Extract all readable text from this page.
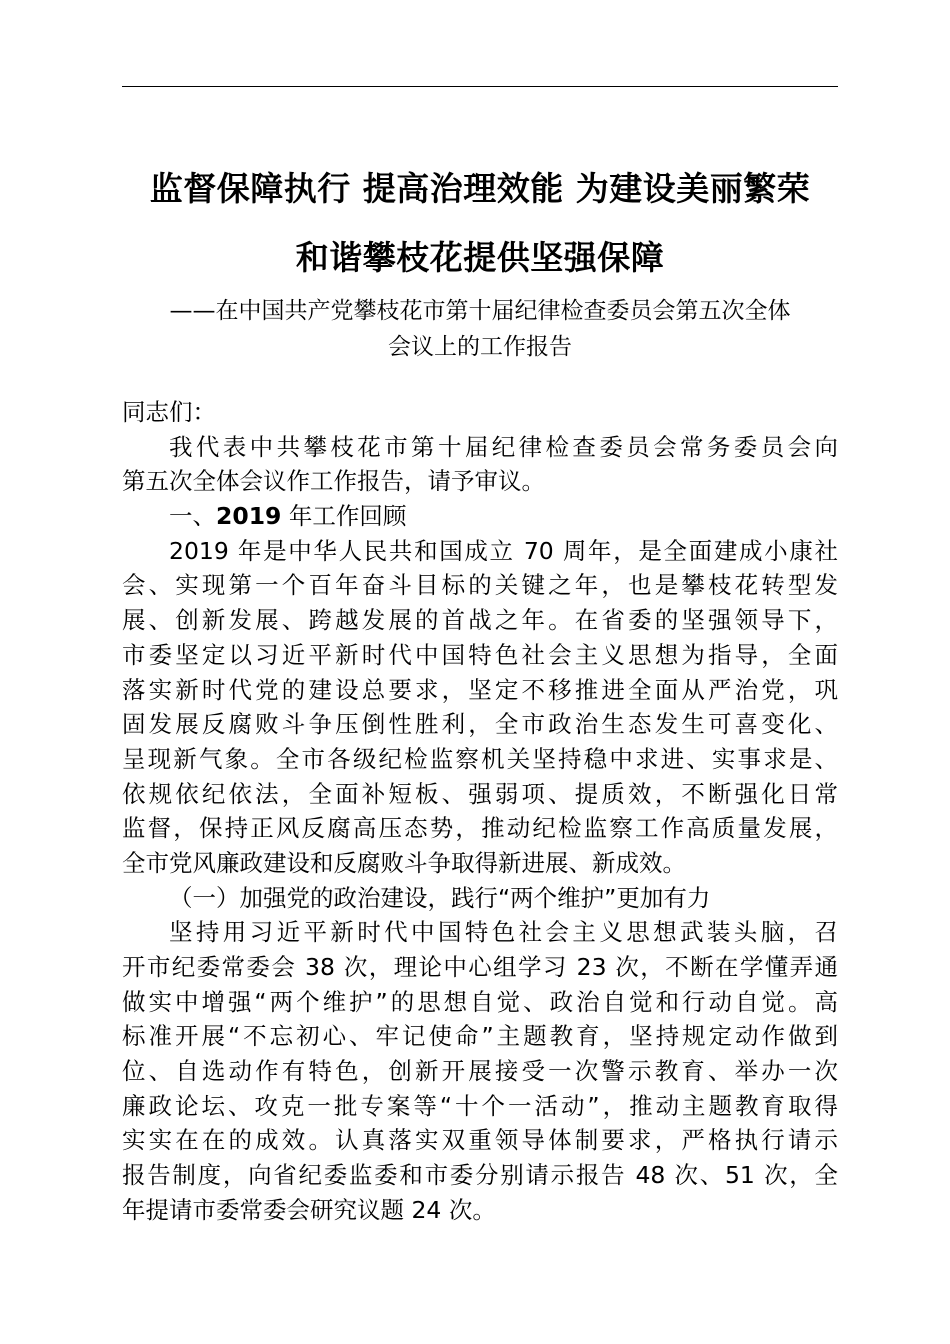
监督保障执行 提高治理效能 为建设美丽繁荣
和谐攀枝花提供坚强保障
——在中国共产党攀枝花市第十届纪律检查委员会第五次全体
会议上的工作报告
同志们：
我代表中共攀枝花市第十届纪律检查委员会常务委员会向
第五次全体会议作工作报告，请予审议。
一、2019 年工作回顾
2019 年是中华人民共和国成立 70 周年，是全面建成小康社
会、实现第一个百年奋斗目标的关键之年，也是攀枝花转型发
展、创新发展、跨越发展的首战之年。在省委的坚强领导下，
市委坚定以习近平新时代中国特色社会主义思想为指导，全面
落实新时代党的建设总要求，坚定不移推进全面从严治党，巩
固发展反腐败斗争压倒性胜利，全市政治生态发生可喜变化、
呈现新气象。全市各级纪检监察机关坚持稳中求进、实事求是、
依规依纪依法，全面补短板、强弱项、提质效，不断强化日常
监督，保持正风反腐高压态势，推动纪检监察工作高质量发展，
全市党风廉政建设和反腐败斗争取得新进展、新成效。
（一）加强党的政治建设，践行“两个维护”更加有力
坚持用习近平新时代中国特色社会主义思想武装头脑，召
开市纪委常委会 38 次，理论中心组学习 23 次，不断在学懂弄通
做实中增强“两个维护”的思想自觉、政治自觉和行动自觉。高
标准开展“不忘初心、牢记使命”主题教育，坚持规定动作做到
位、自选动作有特色，创新开展接受一次警示教育、举办一次
廉政论坛、攻克一批专案等“十个一活动”，推动主题教育取得
实实在在的成效。认真落实双重领导体制要求，严格执行请示
报告制度，向省纪委监委和市委分别请示报告 48 次、51 次，全
年提请市委常委会研究议题 24 次。
